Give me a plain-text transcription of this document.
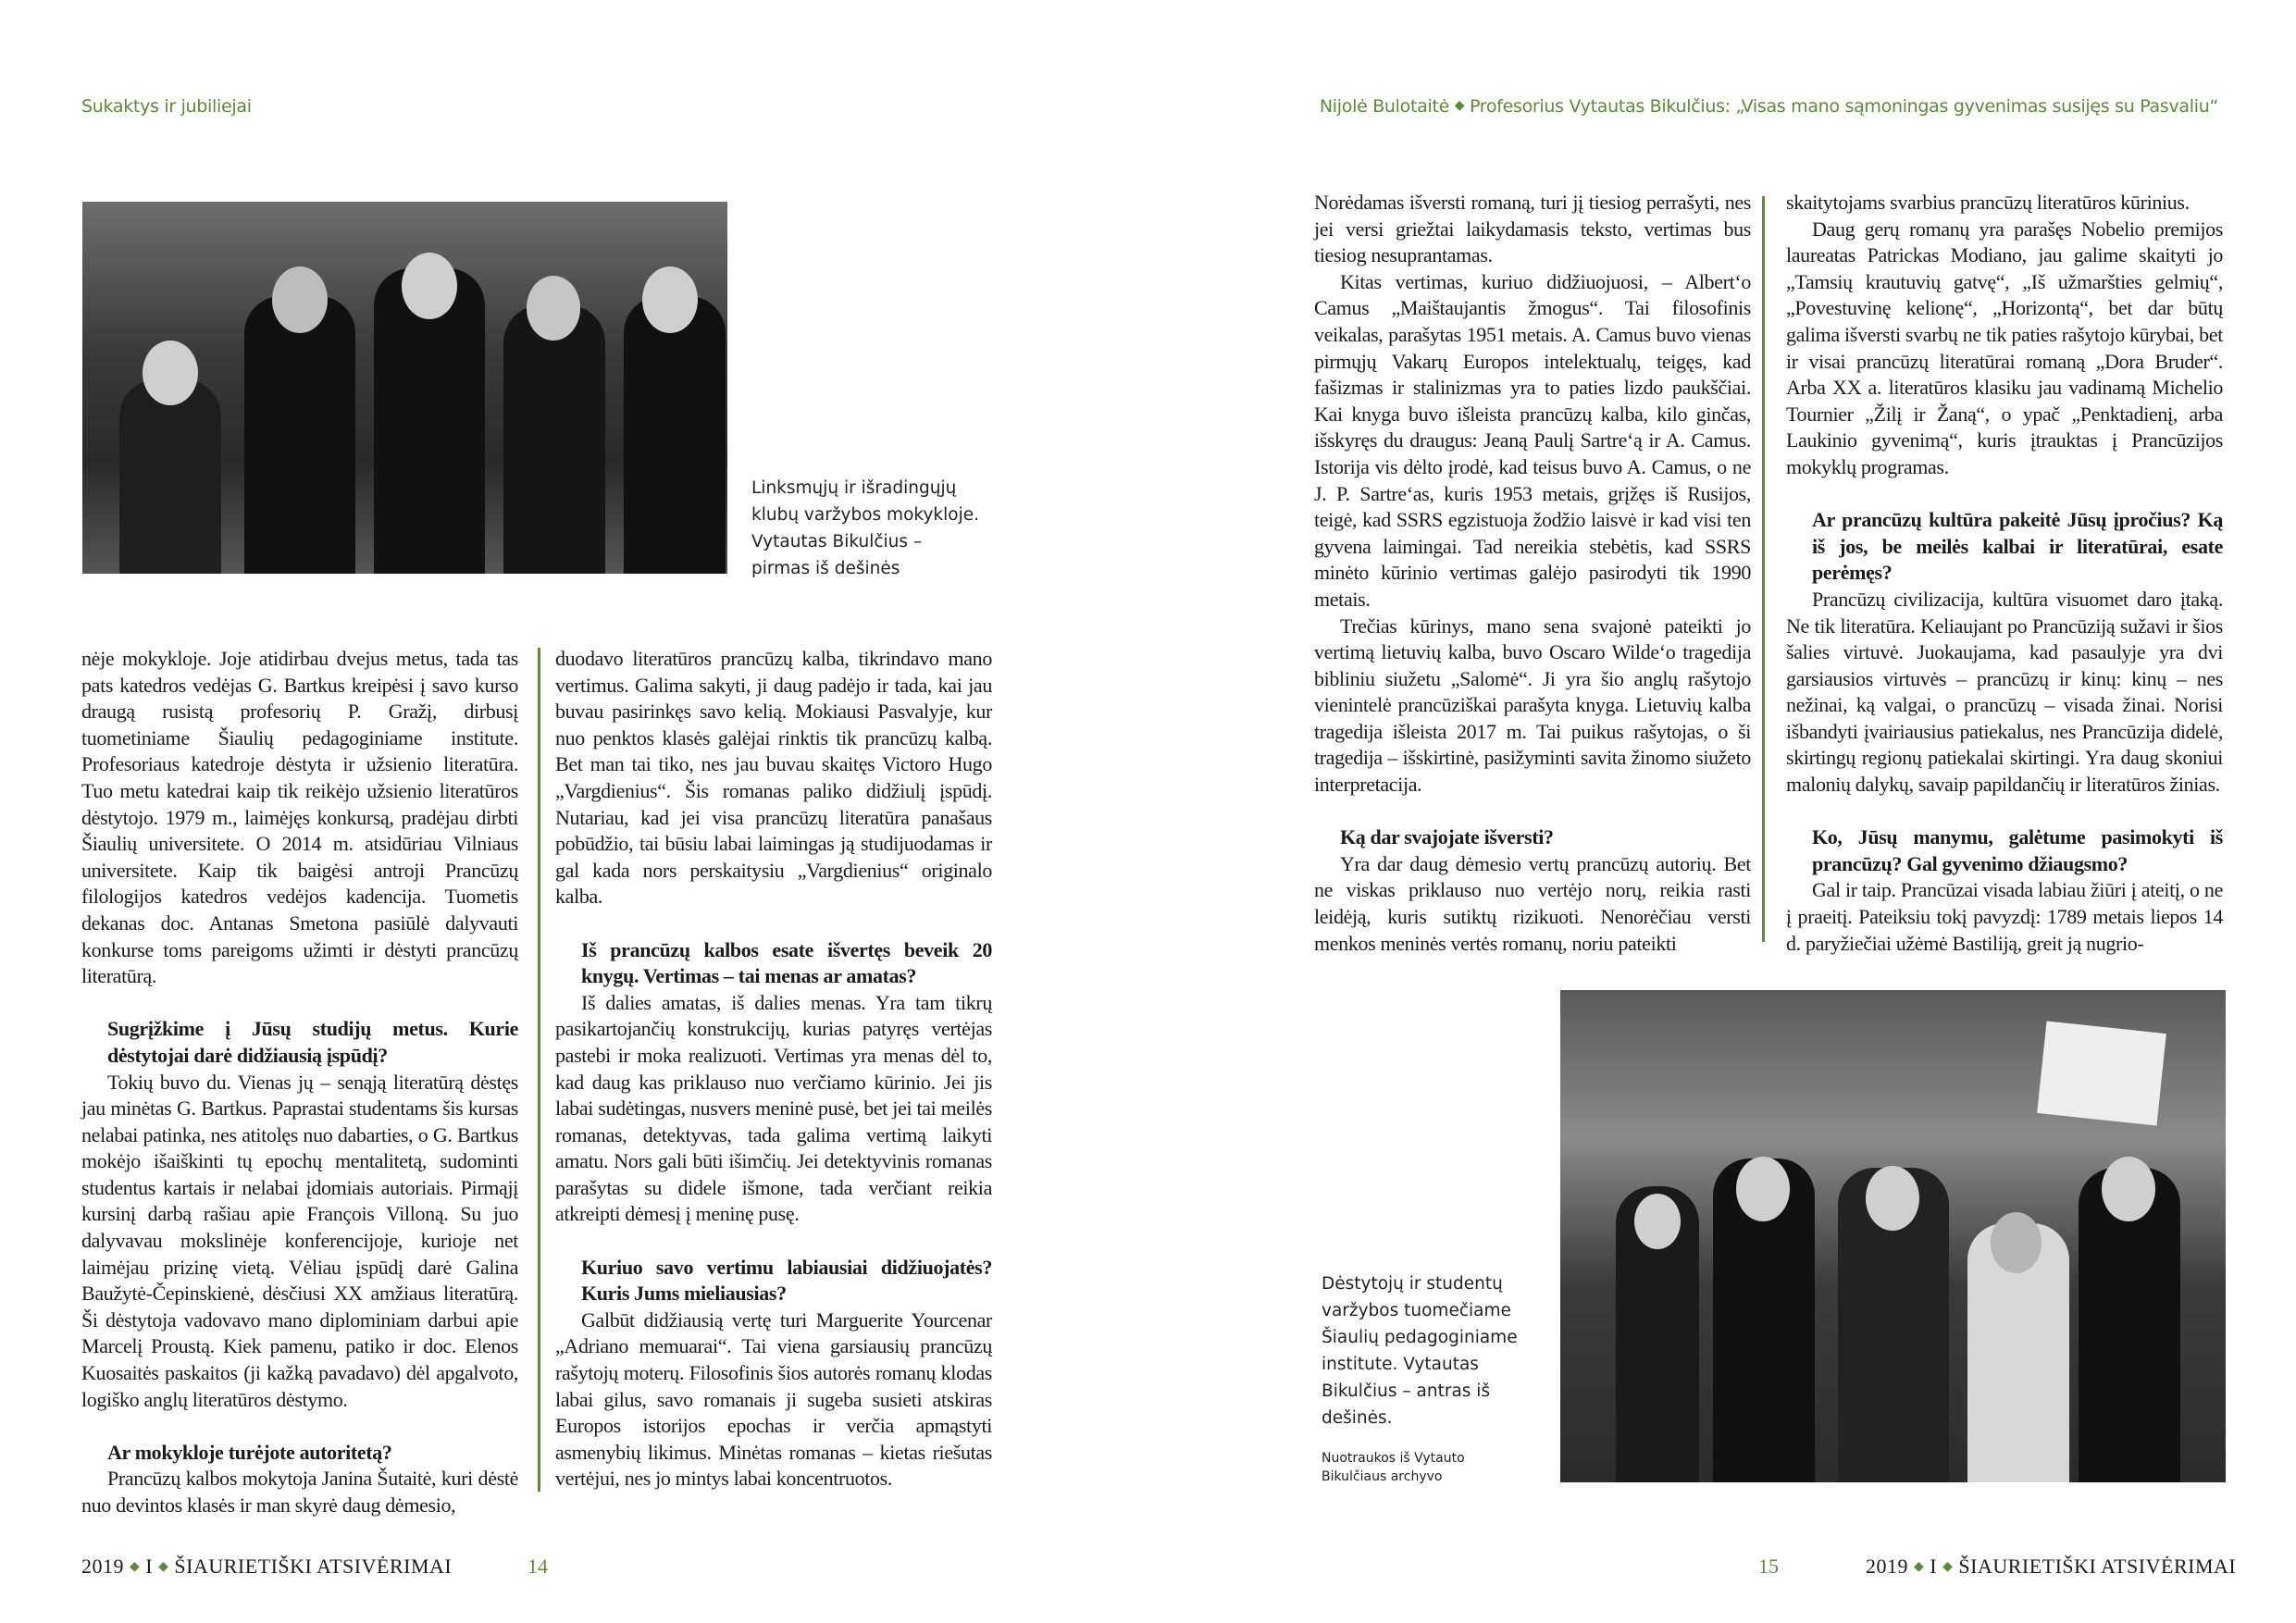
Sukaktys ir jubiliejai	Nijolė Bulotaitė ◆ Profesorius Vytautas Bikulčius: „Visas mano sąmoningas gyvenimas susijęs su Pasvaliu“
Linksmųjų ir išradingųjų
klubų varžybos mokykloje.
Vytautas Bikulčius –
pirmas iš dešinės

nėje mokykloje. Joje atidirbau dvejus metus, tada tas pats katedros vedėjas G. Bartkus kreipėsi į savo kurso draugą rusistą profesorių P. Gražį, dirbusį tuometiniame Šiaulių pedagoginiame institute. Profesoriaus katedroje dėstyta ir užsienio literatūra. Tuo metu katedrai kaip tik reikėjo užsienio literatūros dėstytojo. 1979 m., laimėjęs konkursą, pradėjau dirbti Šiaulių universitete. O 2014 m. atsidūriau Vilniaus universitete. Kaip tik baigėsi antroji Prancūzų filologijos katedros vedėjos kadencija. Tuometis dekanas doc. Antanas Smetona pasiūlė dalyvauti konkurse toms pareigoms užimti ir dėstyti prancūzų literatūrą.

Sugrįžkime į Jūsų studijų metus. Kurie dėstytojai darė didžiausią įspūdį?

Tokių buvo du. Vienas jų – senąją literatūrą dėstęs jau minėtas G. Bartkus. Paprastai studentams šis kursas nelabai patinka, nes atitolęs nuo dabarties, o G. Bartkus mokėjo išaiškinti tų epochų mentalitetą, sudominti studentus kartais ir nelabai įdomiais autoriais. Pirmąjį kursinį darbą rašiau apie François Villoną. Su juo dalyvavau mokslinėje konferencijoje, kurioje net laimėjau prizinę vietą. Vėliau įspūdį darė Galina Baužytė-Čepinskienė, dėsčiusi XX amžiaus literatūrą. Ši dėstytoja vadovavo mano diplominiam darbui apie Marcelį Proustą. Kiek pamenu, patiko ir doc. Elenos Kuosaitės paskaitos (ji kažką pavadavo) dėl apgalvoto, logiško anglų literatūros dėstymo.

Ar mokykloje turėjote autoritetą?

Prancūzų kalbos mokytoja Janina Šutaitė, kuri dėstė nuo devintos klasės ir man skyrė daug dėmesio,

duodavo literatūros prancūzų kalba, tikrindavo mano vertimus. Galima sakyti, ji daug padėjo ir tada, kai jau buvau pasirinkęs savo kelią. Mokiausi Pasvalyje, kur nuo penktos klasės galėjai rinktis tik prancūzų kalbą. Bet man tai tiko, nes jau buvau skaitęs Victoro Hugo „Vargdienius“. Šis romanas paliko didžiulį įspūdį. Nutariau, kad jei visa prancūzų literatūra panašaus pobūdžio, tai būsiu labai laimingas ją studijuodamas ir gal kada nors perskaitysiu „Vargdienius“ originalo kalba.

Iš prancūzų kalbos esate išvertęs beveik 20 knygų. Vertimas – tai menas ar amatas?

Iš dalies amatas, iš dalies menas. Yra tam tikrų pasikartojančių konstrukcijų, kurias patyręs vertėjas pastebi ir moka realizuoti. Vertimas yra menas dėl to, kad daug kas priklauso nuo verčiamo kūrinio. Jei jis labai sudėtingas, nusvers meninė pusė, bet jei tai meilės romanas, detektyvas, tada galima vertimą laikyti amatu. Nors gali būti išimčių. Jei detektyvinis romanas parašytas su didele išmone, tada verčiant reikia atkreipti dėmesį į meninę pusę.

Kuriuo savo vertimu labiausiai didžiuojatės? Kuris Jums mieliausias?

Galbūt didžiausią vertę turi Marguerite Yourcenar „Adriano memuarai“. Tai viena garsiausių prancūzų rašytojų moterų. Filosofinis šios autorės romanų klodas labai gilus, savo romanais ji sugeba susieti atskiras Europos istorijos epochas ir verčia apmąstyti asmenybių likimus. Minėtas romanas – kietas riešutas vertėjui, nes jo mintys labai koncentruotos.

Norėdamas išversti romaną, turi jį tiesiog perrašyti, nes jei versi griežtai laikydamasis teksto, vertimas bus tiesiog nesuprantamas.

Kitas vertimas, kuriuo didžiuojuosi, – Albert‘o Camus „Maištaujantis žmogus“. Tai filosofinis veikalas, parašytas 1951 metais. A. Camus buvo vienas pirmųjų Vakarų Europos intelektualų, teigęs, kad fašizmas ir stalinizmas yra to paties lizdo paukščiai. Kai knyga buvo išleista prancūzų kalba, kilo ginčas, išskyręs du draugus: Jeaną Paulį Sartre‘ą ir A. Camus. Istorija vis dėlto įrodė, kad teisus buvo A. Camus, o ne J. P. Sartre‘as, kuris 1953 metais, grįžęs iš Rusijos, teigė, kad SSRS egzistuoja žodžio laisvė ir kad visi ten gyvena laimingai. Tad nereikia stebėtis, kad SSRS minėto kūrinio vertimas galėjo pasirodyti tik 1990 metais.

Trečias kūrinys, mano sena svajonė pateikti jo vertimą lietuvių kalba, buvo Oscaro Wilde‘o tragedija bibliniu siužetu „Salomė“. Ji yra šio anglų rašytojo vienintelė prancūziškai parašyta knyga. Lietuvių kalba tragedija išleista 2017 m. Tai puikus rašytojas, o ši tragedija – išskirtinė, pasižyminti savita žinomo siužeto interpretacija.

Ką dar svajojate išversti?

Yra dar daug dėmesio vertų prancūzų autorių. Bet ne viskas priklauso nuo vertėjo norų, reikia rasti leidėją, kuris sutiktų rizikuoti. Nenorėčiau versti menkos meninės vertės romanų, noriu pateikti

skaitytojams svarbius prancūzų literatūros kūrinius.

Daug gerų romanų yra parašęs Nobelio premijos laureatas Patrickas Modiano, jau galime skaityti jo „Tamsių krautuvių gatvę“, „Iš užmaršties gelmių“, „Povestuvinę kelionę“, „Horizontą“, bet dar būtų galima išversti svarbų ne tik paties rašytojo kūrybai, bet ir visai prancūzų literatūrai romaną „Dora Bruder“. Arba XX a. literatūros klasiku jau vadinamą Michelio Tournier „Žilį ir Žaną“, o ypač „Penktadienį, arba Laukinio gyvenimą“, kuris įtrauktas į Prancūzijos mokyklų programas.

Ar prancūzų kultūra pakeitė Jūsų įpročius? Ką iš jos, be meilės kalbai ir literatūrai, esate perėmęs?

Prancūzų civilizacija, kultūra visuomet daro įtaką. Ne tik literatūra. Keliaujant po Prancūziją sužavi ir šios šalies virtuvė. Juokaujama, kad pasaulyje yra dvi garsiausios virtuvės – prancūzų ir kinų: kinų – nes nežinai, ką valgai, o prancūzų – visada žinai. Norisi išbandyti įvairiausius patiekalus, nes Prancūzija didelė, skirtingų regionų patiekalai skirtingi. Yra daug skoniui malonių dalykų, savaip papildančių ir literatūros žinias.

Ko, Jūsų manymu, galėtume pasimokyti iš prancūzų? Gal gyvenimo džiaugsmo?

Gal ir taip. Prancūzai visada labiau žiūri į ateitį, o ne į praeitį. Pateiksiu tokį pavyzdį: 1789 metais liepos 14 d. paryžiečiai užėmė Bastiliją, greit ją nugrio-

Dėstytojų ir studentų
varžybos tuomečiame
Šiaulių pedagoginiame
institute. Vytautas
Bikulčius – antras iš
dešinės.
Nuotraukos iš Vytauto
Bikulčiaus archyvo
2019 ◆ I ◆ ŠIAURIETIŠKI ATSIVĖRIMAI	14	15	2019 ◆ I ◆ ŠIAURIETIŠKI ATSIVĖRIMAI
